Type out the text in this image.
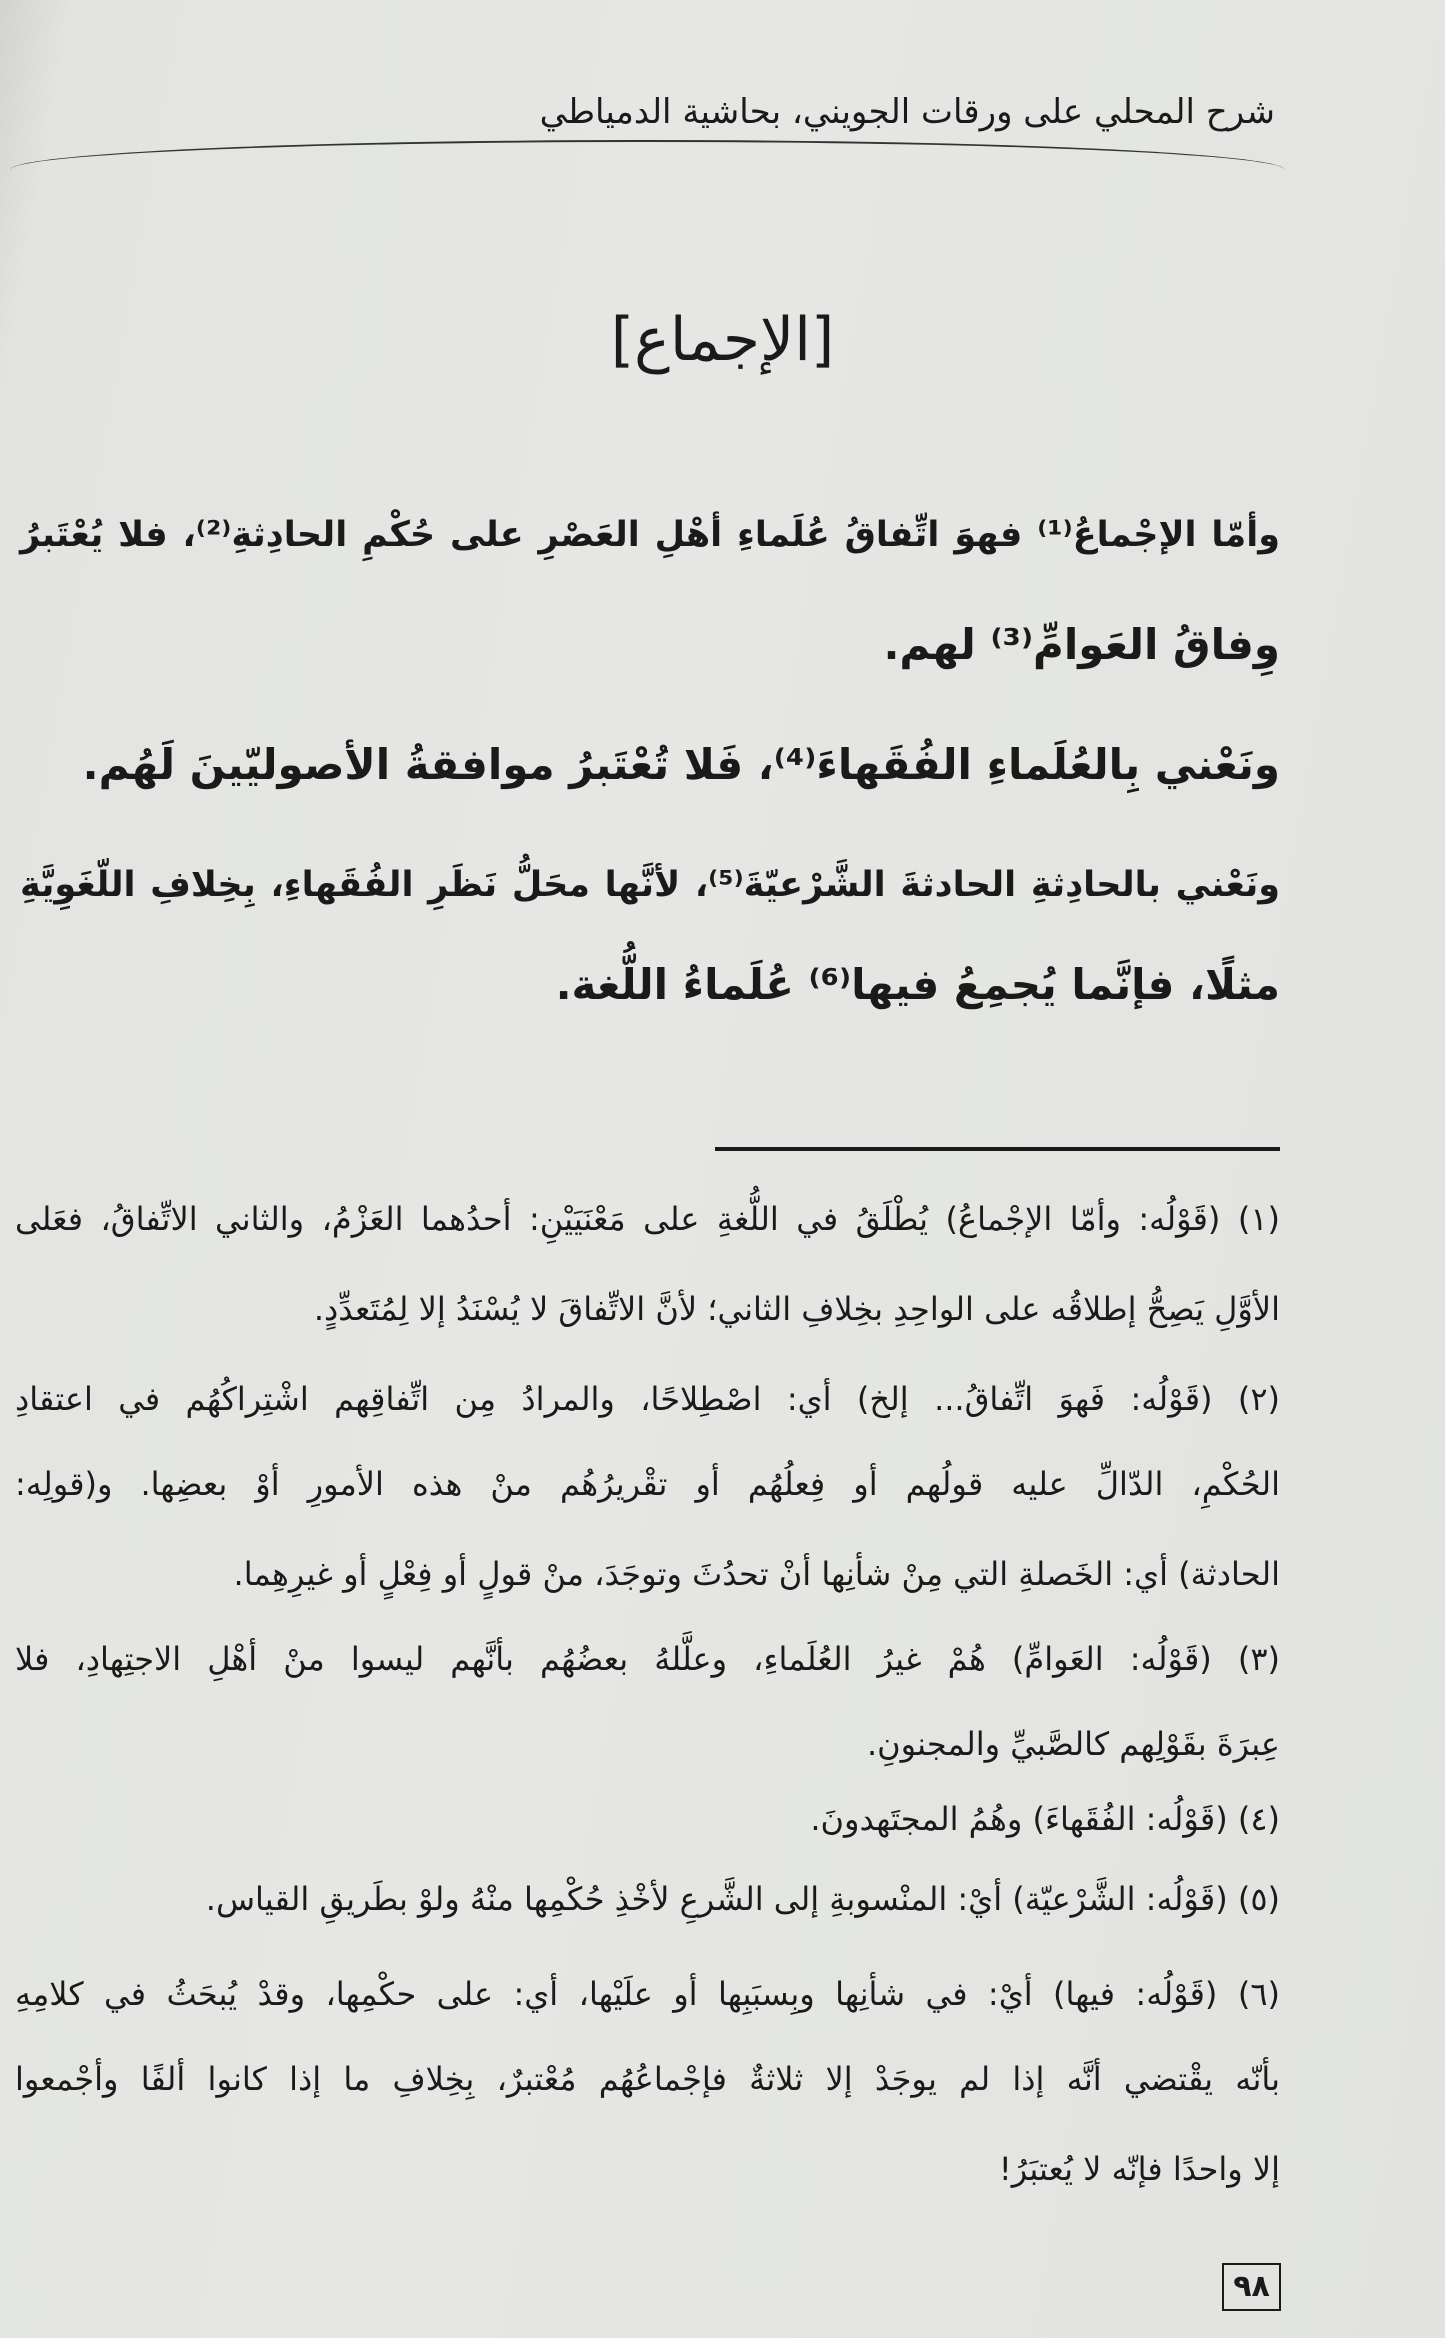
شرح المحلي على ورقات الجويني، بحاشية الدمياطي
[الإجماع]
وأمّا الإجْماعُ⁽¹⁾ فهوَ اتِّفاقُ عُلَماءِ أهْلِ العَصْرِ على حُكْمِ الحادِثةِ⁽²⁾، فلا يُعْتَبرُ
وِفاقُ العَوامِّ⁽³⁾ لهم.
ونَعْني بِالعُلَماءِ الفُقَهاءَ⁽⁴⁾، فَلا تُعْتَبرُ موافقةُ الأصوليّينَ لَهُم.
ونَعْني بالحادِثةِ الحادثةَ الشَّرْعيّةَ⁽⁵⁾، لأنَّها محَلُّ نَظَرِ الفُقَهاءِ، بِخِلافِ اللّغَوِيَّةِ
مثلًا، فإنَّما يُجمِعُ فيها⁽⁶⁾ عُلَماءُ اللُّغة.
(١) (قَوْلُه: وأمّا الإجْماعُ) يُطْلَقُ في اللُّغةِ على مَعْنَيَيْنِ: أحدُهما العَزْمُ، والثاني الاتِّفاقُ، فعَلى
الأوَّلِ يَصِحُّ إطلاقُه على الواحِدِ بخِلافِ الثاني؛ لأنَّ الاتِّفاقَ لا يُسْنَدُ إلا لِمُتَعدِّدٍ.
(٢) (قَوْلُه: فَهوَ اتِّفاقُ... إلخ) أي: اصْطِلاحًا، والمرادُ مِن اتِّفاقِهم اشْتِراكُهُم في اعتقادِ
الحُكْمِ، الدّالِّ عليه قولُهم أو فِعلُهُم أو تقْريرُهُم منْ هذه الأمورِ أوْ بعضِها. و(قولِه:
الحادثة) أي: الخَصلةِ التي مِنْ شأنِها أنْ تحدُثَ وتوجَدَ، منْ قولٍ أو فِعْلٍ أو غيرِهِما.
(٣) (قَوْلُه: العَوامِّ) هُمْ غيرُ العُلَماءِ، وعلَّلهُ بعضُهُم بأنَّهم ليسوا منْ أهْلِ الاجتِهادِ، فلا
عِبرَةَ بقَوْلِهم كالصَّبيِّ والمجنونِ.
(٤) (قَوْلُه: الفُقَهاءَ) وهُمُ المجتَهدونَ.
(٥) (قَوْلُه: الشَّرْعيّة) أيْ: المنْسوبةِ إلى الشَّرعِ لأخْذِ حُكْمِها منْهُ ولوْ بطَريقِ القياس.
(٦) (قَوْلُه: فيها) أيْ: في شأنِها وبِسبَبِها أو علَيْها، أي: على حكْمِها، وقدْ يُبحَثُ في كلامِهِ
بأنّه يقْتضي أنَّه إذا لم يوجَدْ إلا ثلاثةٌ فإجْماعُهُم مُعْتبرٌ، بِخِلافِ ما إذا كانوا ألفًا وأجْمعوا
إلا واحدًا فإنّه لا يُعتبَرُ!
٩٨
